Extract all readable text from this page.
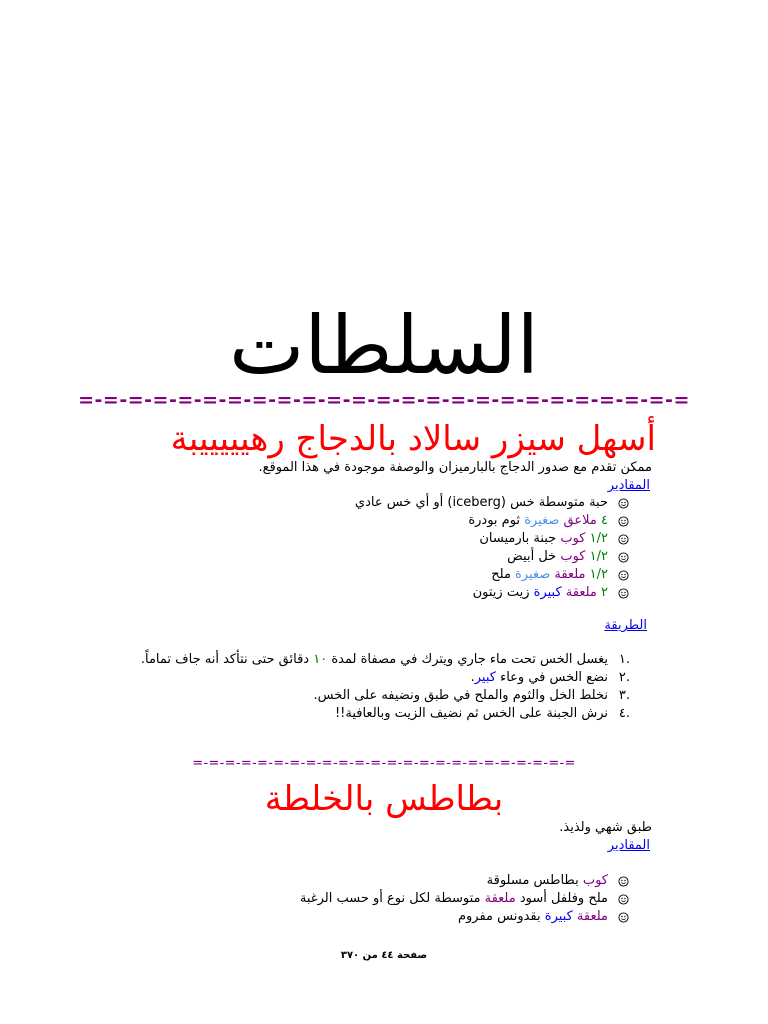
السلطات
=-=-=-=-=-=-=-=-=-=-=-=-=-=-=-=-=-=-=-=-=-=-=-=-=
أسهل سيزر سالاد بالدجاج رهيييييبة
ممكن تقدم مع صدور الدجاج بالبارميزان والوصفة موجودة في هذا الموقع.
المقادير
حبة متوسطة خس (iceberg) أو أي خس عادي
٤ ملاعق صغيرة ثوم بودرة
١/٢ كوب جبنة بارميسان
١/٢ كوب خل أبيض
١/٢ ملعقة صغيرة ملح
٢ ملعقة كبيرة زيت زيتون
الطريقة
.١
يغسل الخس تحت ماء جاري ويترك في مصفاة لمدة ١٠ دقائق حتى نتأكد أنه جاف تماماً.
.٢
نضع الخس في وعاء كبير.
.٣
نخلط الخل والثوم والملح في طبق ونضيفه على الخس.
.٤
نرش الجبنة على الخس ثم نضيف الزيت وبالعافية!!
=-=-=-=-=-=-=-=-=-=-=-=-=-=-=-=-=-=-=-=-=-=-=-=
بطاطس بالخلطة
طبق شهي ولذيذ.
المقادير
كوب بطاطس مسلوقة
ملح وفلفل أسود ملعقة متوسطة لكل نوع أو حسب الرغبة
ملعقة كبيرة بقدونس مفروم
صفحة ٤٤ من ٣٧٠
